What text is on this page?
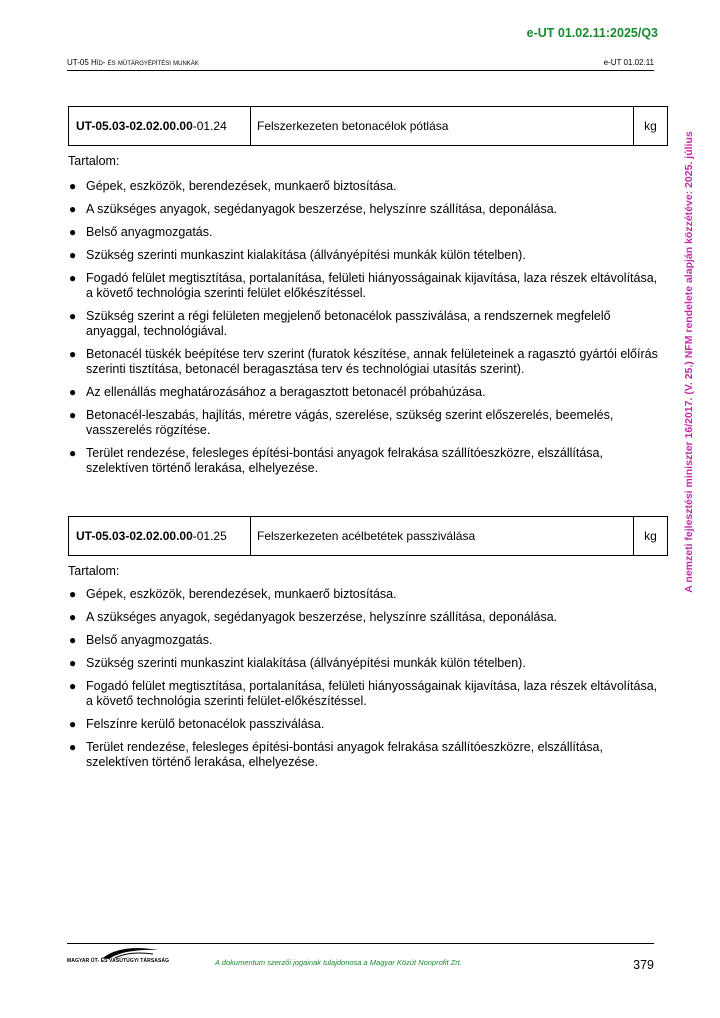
e-UT 01.02.11:2025/Q3
UT-05 Híd- és műtárgyépítési munkák	e-UT 01.02.11
A nemzeti fejlesztési miniszter 16/2017. (V. 25.) NFM rendelete alapján közzétéve: 2025. július
UT-05.03-02.02.00.00 -01.24	Felszerkezeten betonacélok pótlása	kg
Tartalom:
● Gépek, eszközök, berendezések, munkaerő biztosítása.
● A szükséges anyagok, segédanyagok beszerzése, helyszínre szállítása, deponálása.
● Belső anyagmozgatás.
● Szükség szerinti munkaszint kialakítása (állványépítési munkák külön tételben).
● Fogadó felület megtisztítása, portalanítása, felületi hiányosságainak kijavítása, laza részek eltávolítása, a követő technológia szerinti felület előkészítéssel.
● Szükség szerint a régi felületen megjelenő betonacélok passziválása, a rendszernek megfelelő anyaggal, technológiával.
● Betonacél tüskék beépítése terv szerint (furatok készítése, annak felületeinek a ragasztó gyártói előírás szerinti tisztítása, betonacél beragasztása terv és technológiai utasítás szerint).
● Az ellenállás meghatározásához a beragasztott betonacél próbahúzása.
● Betonacél-leszabás, hajlítás, méretre vágás, szerelése, szükség szerint előszerelés, beemelés, vasszerelés rögzítése.
● Terület rendezése, felesleges építési-bontási anyagok felrakása szállítóeszközre, elszállítása, szelektíven történő lerakása, elhelyezése.
UT-05.03-02.02.00.00 -01.25	Felszerkezeten acélbetétek passziválása	kg
Tartalom:
● Gépek, eszközök, berendezések, munkaerő biztosítása.
● A szükséges anyagok, segédanyagok beszerzése, helyszínre szállítása, deponálása.
● Belső anyagmozgatás.
● Szükség szerinti munkaszint kialakítása (állványépítési munkák külön tételben).
● Fogadó felület megtisztítása, portalanítása, felületi hiányosságainak kijavítása, laza részek eltávolítása, a követő technológia szerinti felület-előkészítéssel.
● Felszínre kerülő betonacélok passziválása.
● Terület rendezése, felesleges építési-bontási anyagok felrakása szállítóeszközre, elszállítása, szelektíven történő lerakása, elhelyezése.
MAGYAR ÚT- ÉS VASÚTÜGYI TÁRSASÁG	A dokumentum szerzői jogainak tulajdonosa a Magyar Közút Nonprofit Zrt.	379
